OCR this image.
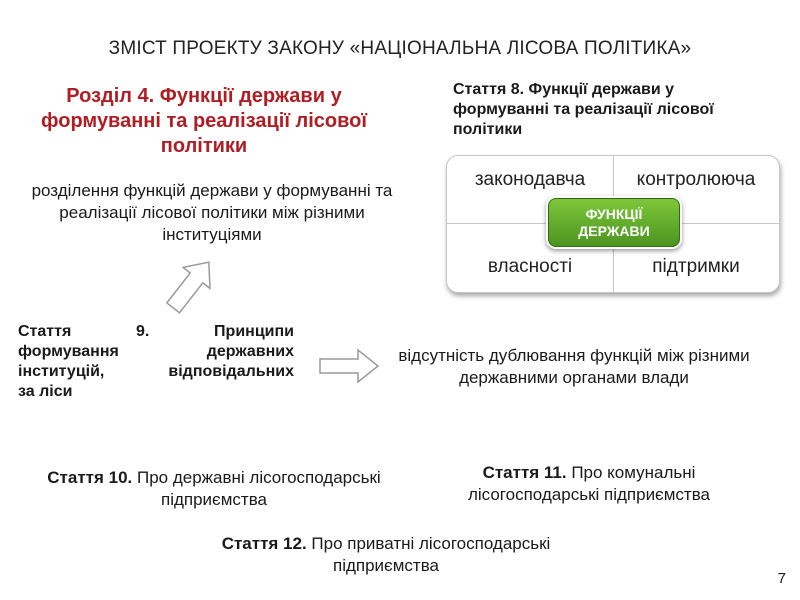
ЗМІСТ ПРОЕКТУ ЗАКОНУ «НАЦІОНАЛЬНА ЛІСОВА ПОЛІТИКА»
Розділ 4. Функції держави у формуванні та реалізації лісової політики
розділення функцій держави у формуванні та реалізації лісової політики між різними інституціями
Стаття 8. Функції держави у формуванні та реалізації лісової політики
законодавча	контролююча
власності	підтримки
ФУНКЦІЇ
ДЕРЖАВИ
Стаття 9. Принципи
формування державних
інституцій, відповідальних
за ліси
відсутність дублювання функцій між різними державними органами влади
Стаття 10. Про державні лісогосподарські підприємства
Стаття 11. Про комунальні лісогосподарські підприємства
Стаття 12. Про приватні лісогосподарські підприємства
7
